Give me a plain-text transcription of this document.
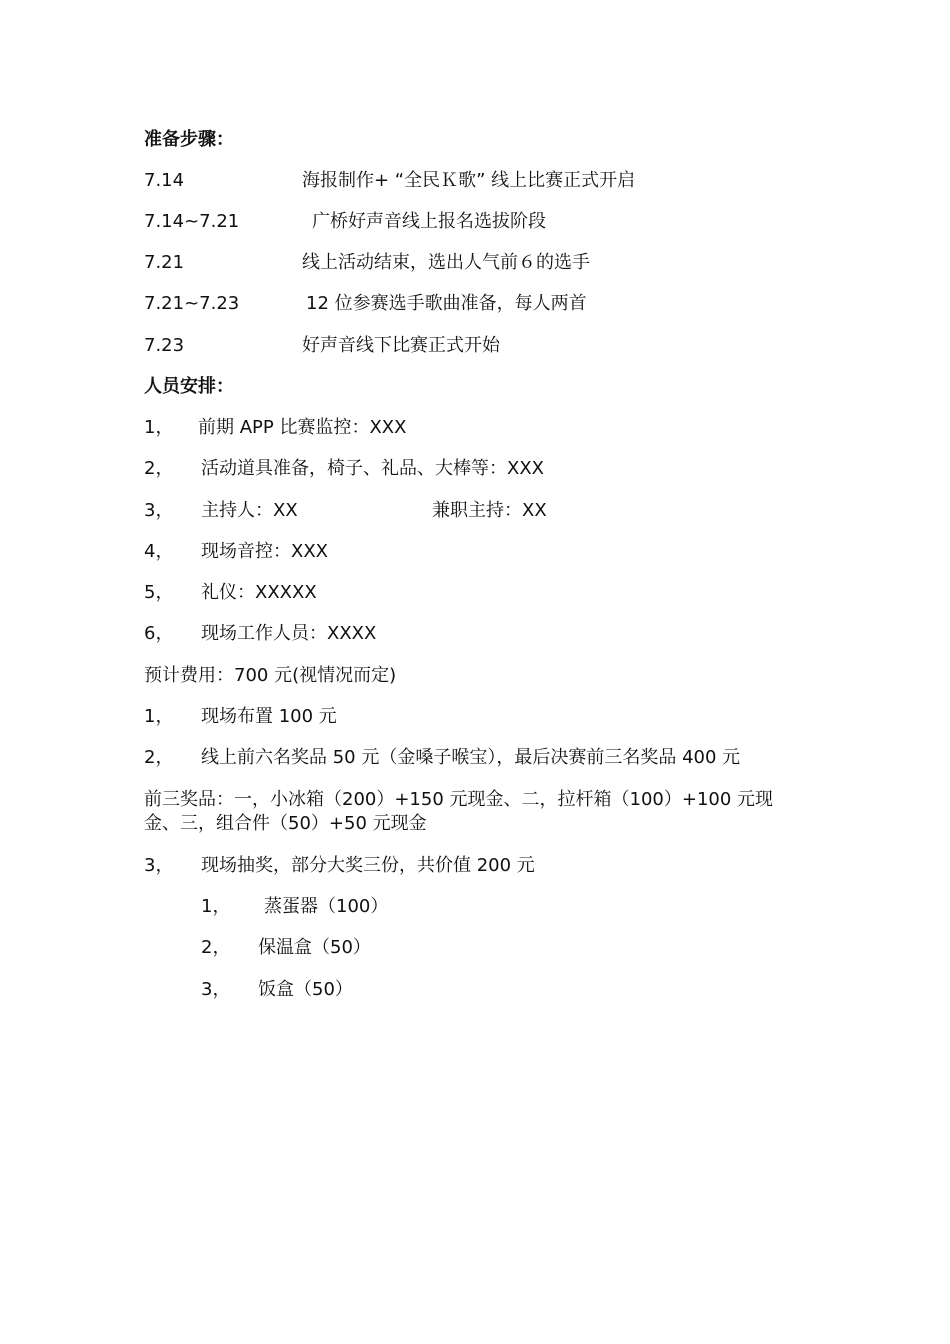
准备步骤：
7.14	海报制作+ “全民Ｋ歌” 线上比赛正式开启
7.14~7.21	广桥好声音线上报名选拔阶段
7.21	线上活动结束，选出人气前６的选手
7.21~7.23	12 位参赛选手歌曲准备，每人两首
7.23	好声音线下比赛正式开始
人员安排：
1， 前期 APP 比赛监控：XXX
2， 活动道具准备，椅子、礼品、大棒等：XXX
3， 主持人：XX	兼职主持：XX
4， 现场音控：XXX
5， 礼仪：XXXXX
6， 现场工作人员：XXXX
预计费用：700 元(视情况而定)
1， 现场布置 100 元
2， 线上前六名奖品 50 元（金嗓子喉宝），最后决赛前三名奖品 400 元
前三奖品：一，小冰箱（200）+150 元现金、二，拉杆箱（100）+100 元现金、三，组合件（50）+50 元现金
3， 现场抽奖，部分大奖三份，共价值 200 元
1， 蒸蛋器（100）
2， 保温盒（50）
3， 饭盒（50）
